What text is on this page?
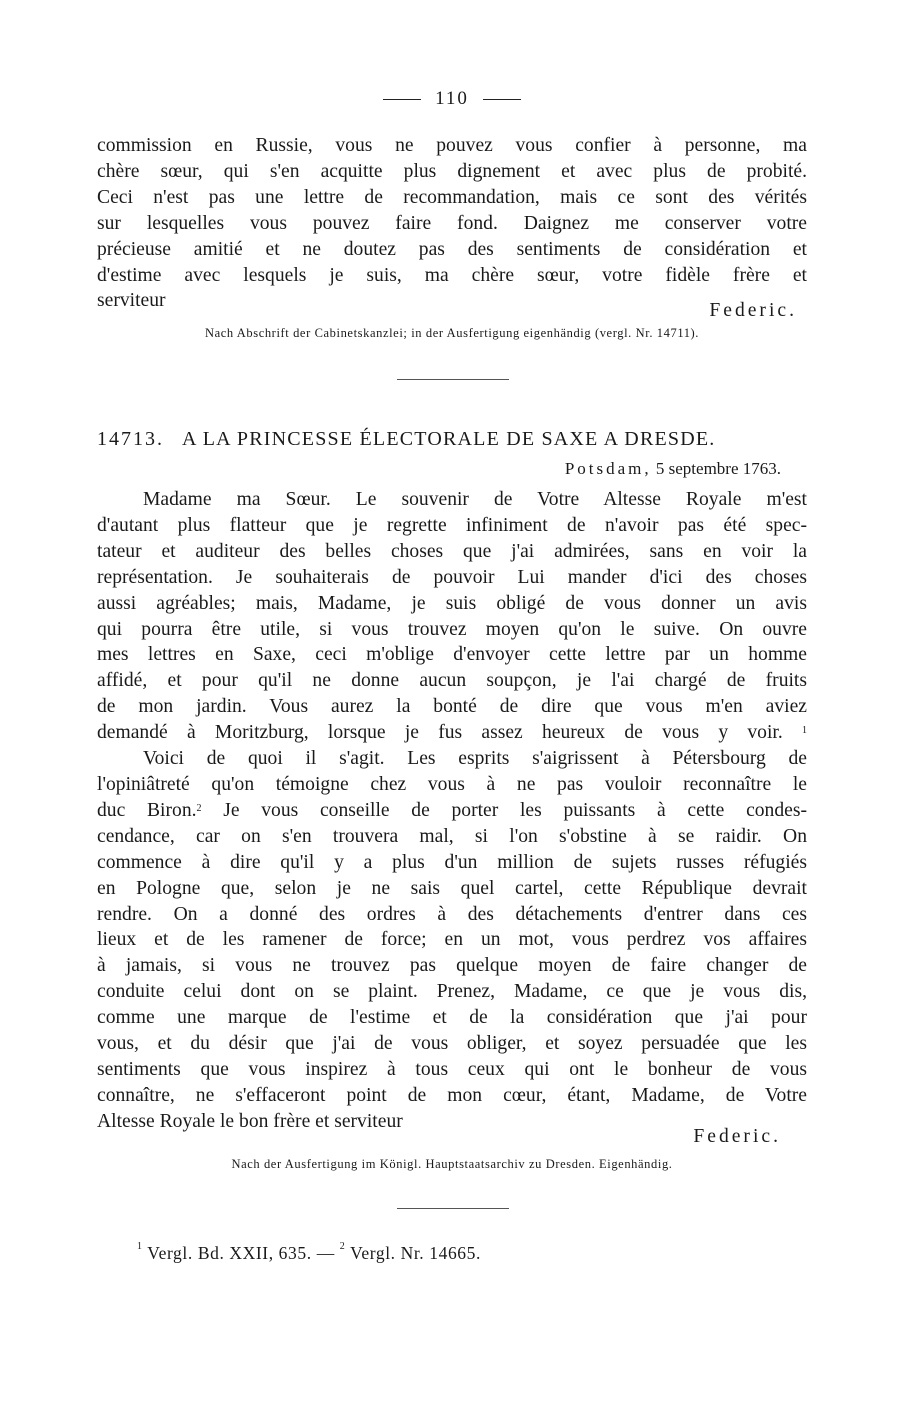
110
commission en Russie, vous ne pouvez vous confier à personne, ma
chère sœur, qui s'en acquitte plus dignement et avec plus de probité.
Ceci n'est pas une lettre de recommandation, mais ce sont des vérités
sur lesquelles vous pouvez faire fond. Daignez me conserver votre
précieuse amitié et ne doutez pas des sentiments de considération et
d'estime avec lesquels je suis, ma chère sœur, votre fidèle frère et
serviteur	Federic.
Nach Abschrift der Cabinetskanzlei; in der Ausfertigung eigenhändig (vergl. Nr. 14711).
14713. A LA PRINCESSE ÉLECTORALE DE SAXE A DRESDE.
Potsdam, 5 septembre 1763.
Madame ma Sœur. Le souvenir de Votre Altesse Royale m'est
d'autant plus flatteur que je regrette infiniment de n'avoir pas été spec-
tateur et auditeur des belles choses que j'ai admirées, sans en voir la
représentation. Je souhaiterais de pouvoir Lui mander d'ici des choses
aussi agréables; mais, Madame, je suis obligé de vous donner un avis
qui pourra être utile, si vous trouvez moyen qu'on le suive. On ouvre
mes lettres en Saxe, ceci m'oblige d'envoyer cette lettre par un homme
affidé, et pour qu'il ne donne aucun soupçon, je l'ai chargé de fruits
de mon jardin. Vous aurez la bonté de dire que vous m'en aviez
demandé à Moritzburg, lorsque je fus assez heureux de vous y voir. $^1$
Voici de quoi il s'agit. Les esprits s'aigrissent à Pétersbourg de
l'opiniâtreté qu'on témoigne chez vous à ne pas vouloir reconnaître le
duc Biron.$^2$ Je vous conseille de porter les puissants à cette condes-
cendance, car on s'en trouvera mal, si l'on s'obstine à se raidir. On
commence à dire qu'il y a plus d'un million de sujets russes réfugiés
en Pologne que, selon je ne sais quel cartel, cette République devrait
rendre. On a donné des ordres à des détachements d'entrer dans ces
lieux et de les ramener de force; en un mot, vous perdrez vos affaires
à jamais, si vous ne trouvez pas quelque moyen de faire changer de
conduite celui dont on se plaint. Prenez, Madame, ce que je vous dis,
comme une marque de l'estime et de la considération que j'ai pour
vous, et du désir que j'ai de vous obliger, et soyez persuadée que les
sentiments que vous inspirez à tous ceux qui ont le bonheur de vous
connaître, ne s'effaceront point de mon cœur, étant, Madame, de Votre
Altesse Royale le bon frère et serviteur
Federic.
Nach der Ausfertigung im Königl. Hauptstaatsarchiv zu Dresden. Eigenhändig.
$^1$ Vergl. Bd. XXII, 635. — $^2$ Vergl. Nr. 14665.
